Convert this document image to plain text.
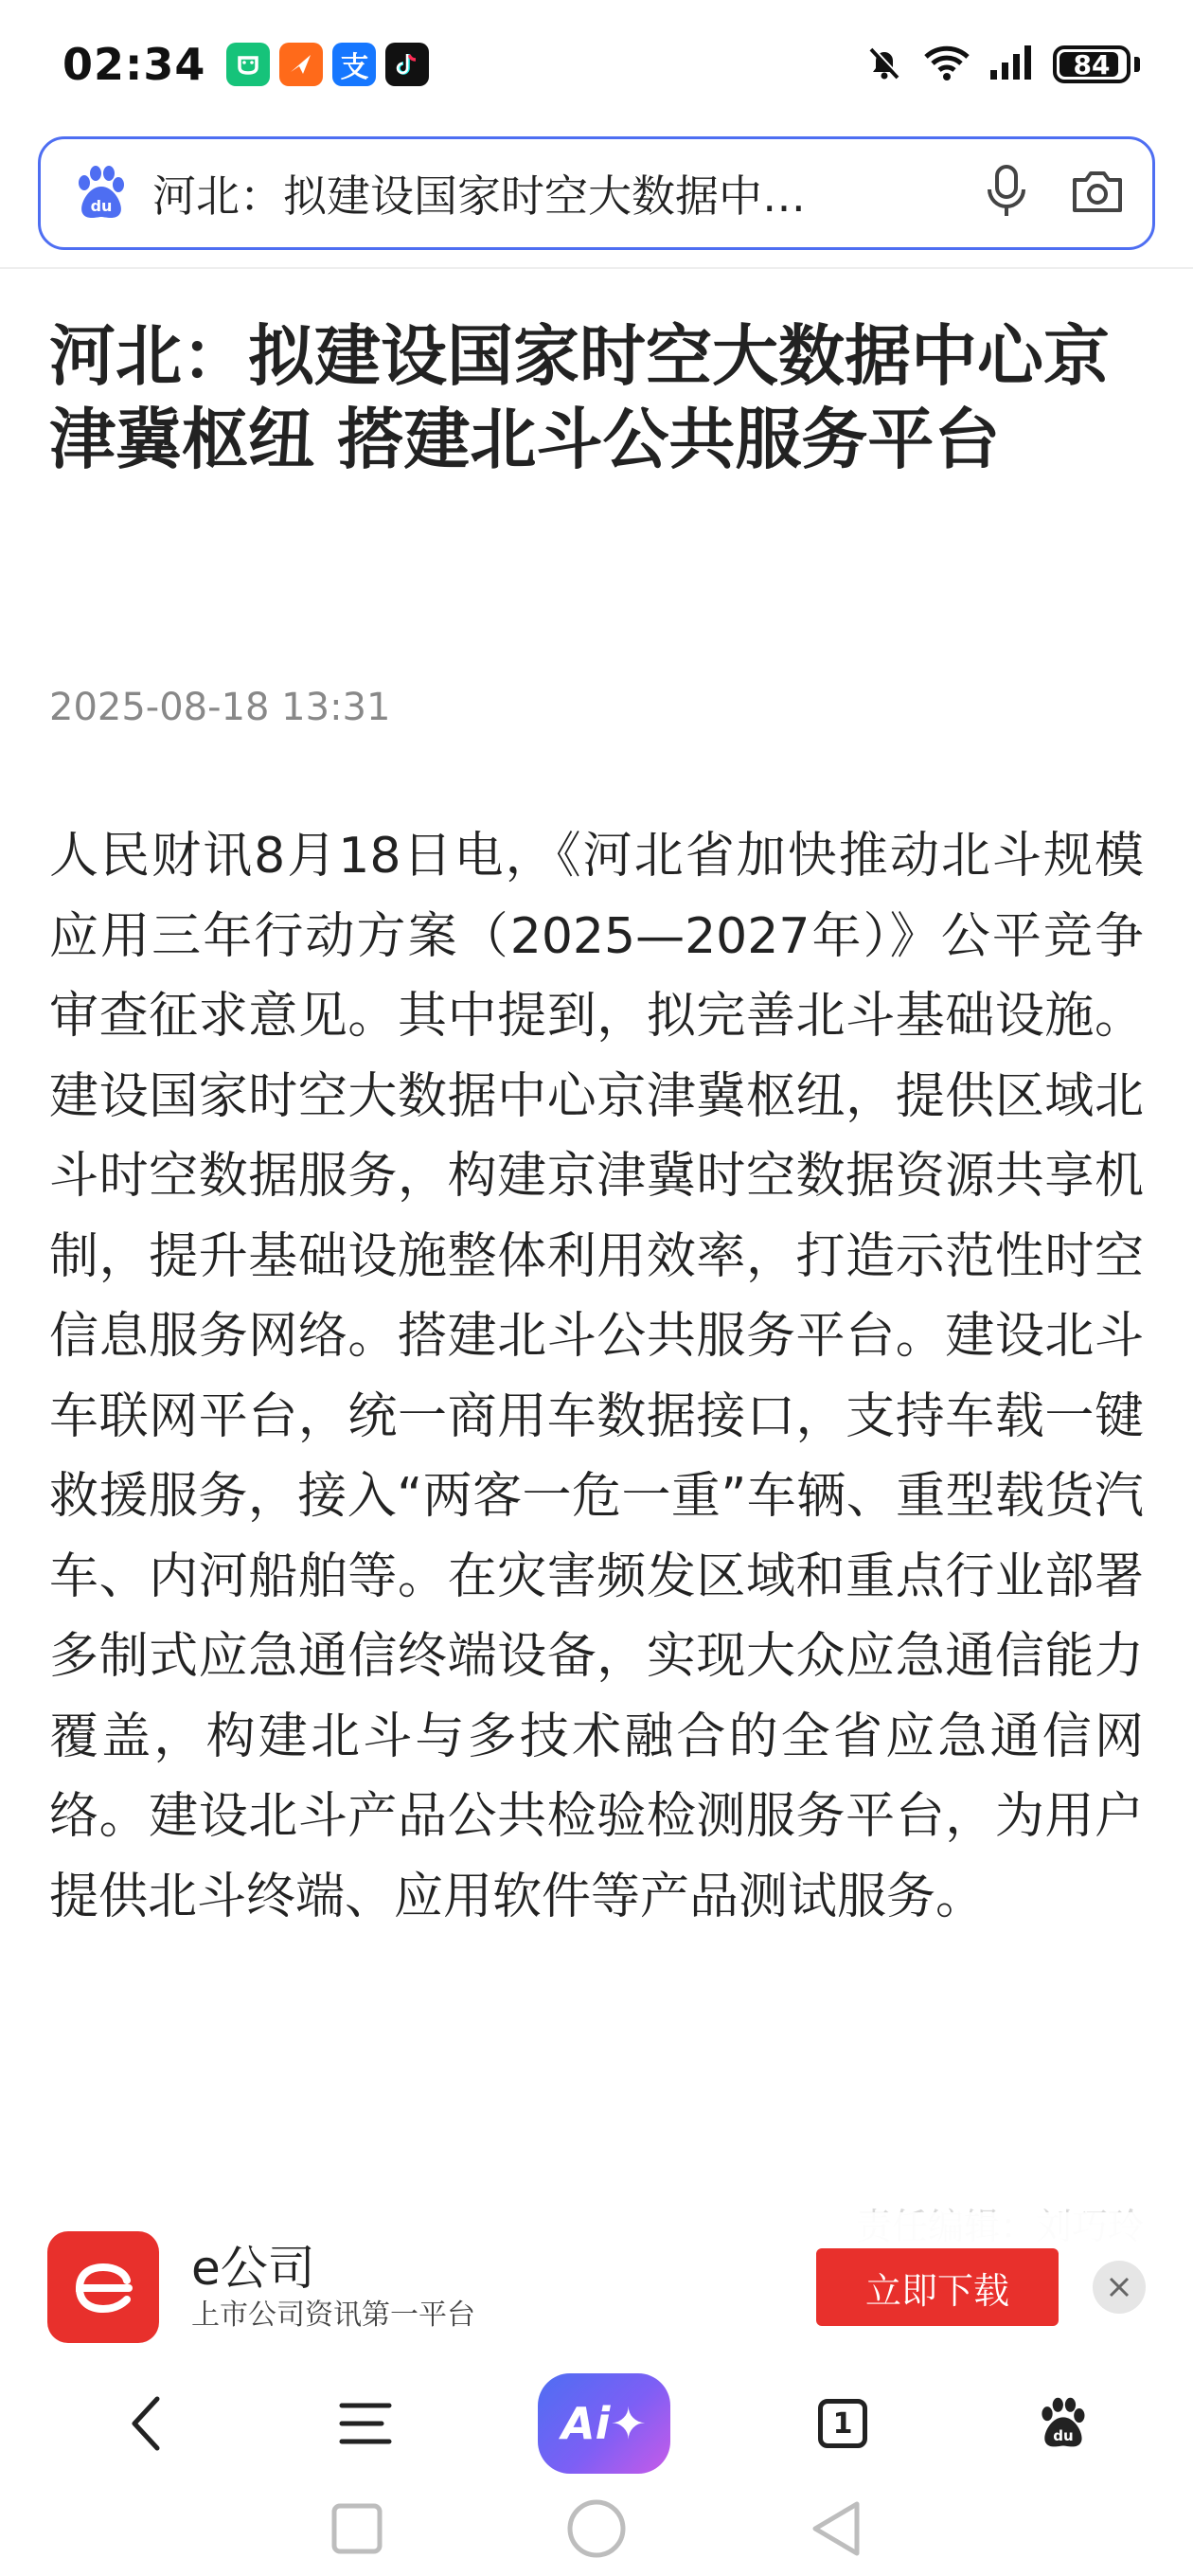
02:34	支	84
du 河北：拟建设国家时空大数据中…
河北：拟建设国家时空大数据中心京津冀枢纽 搭建北斗公共服务平台
2025-08-18 13:31

人民财讯8月18日电，《河北省加快推动北斗规模应用三年行动方案（2025—2027年）》公平竞争审查征求意见。其中提到，拟完善北斗基础设施。建设国家时空大数据中心京津冀枢纽，提供区域北斗时空数据服务，构建京津冀时空数据资源共享机制，提升基础设施整体利用效率，打造示范性时空信息服务网络。搭建北斗公共服务平台。建设北斗车联网平台，统一商用车数据接口，支持车载一键救援服务，接入“两客一危一重”车辆、重型载货汽车、内河船舶等。在灾害频发区域和重点行业部署多制式应急通信终端设备，实现大众应急通信能力覆盖，构建北斗与多技术融合的全省应急通信网络。建设北斗产品公共检验检测服务平台，为用户提供北斗终端、应用软件等产品测试服务。

e公司
上市公司资讯第一平台
立即下载
Ai✦	1	du
